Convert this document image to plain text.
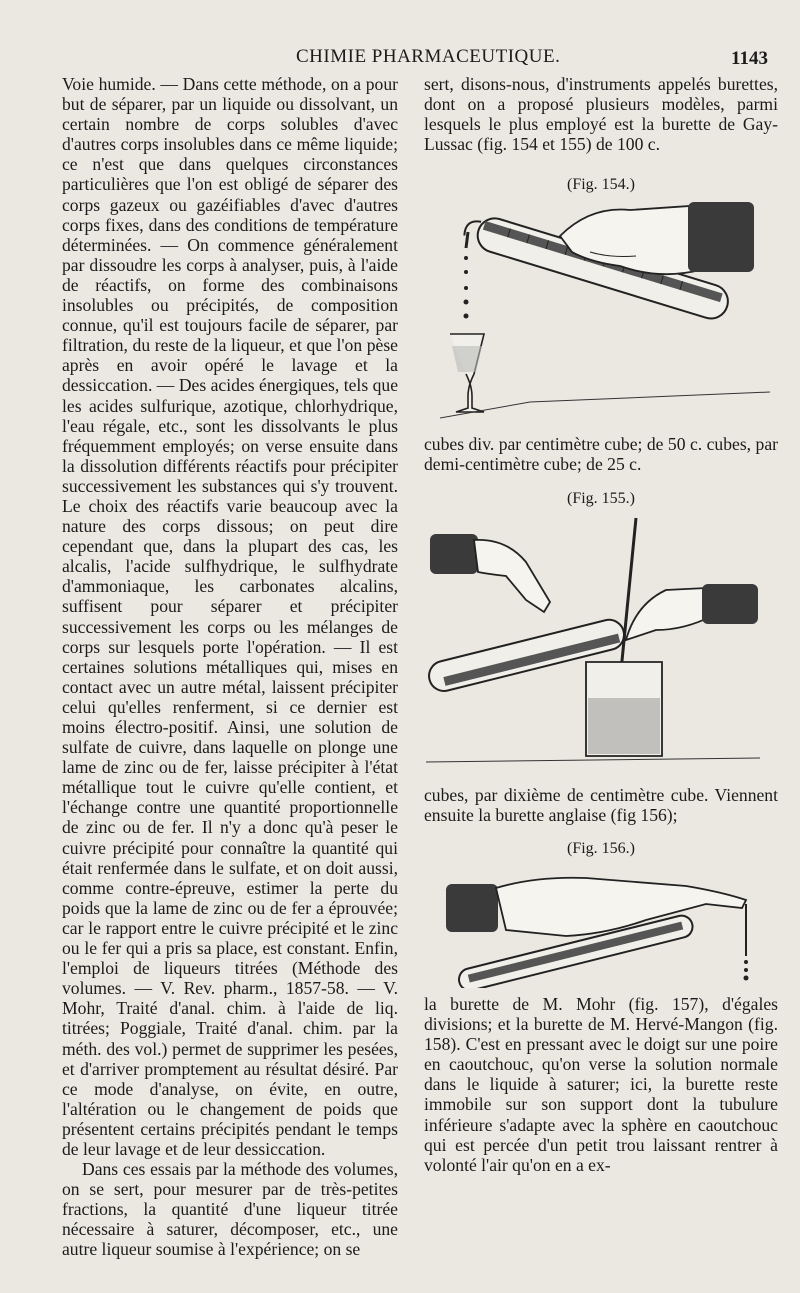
CHIMIE PHARMACEUTIQUE.	1143

Voie humide. — Dans cette méthode, on a pour but de séparer, par un liquide ou dissolvant, un certain nombre de corps solubles d'avec d'autres corps insolubles dans ce même liquide; ce n'est que dans quelques circonstances particulières que l'on est obligé de séparer des corps gazeux ou gazéifiables d'avec d'autres corps fixes, dans des conditions de température déterminées. — On commence généralement par dissoudre les corps à analyser, puis, à l'aide de réactifs, on forme des combinaisons insolubles ou précipités, de composition connue, qu'il est toujours facile de séparer, par filtration, du reste de la liqueur, et que l'on pèse après en avoir opéré le lavage et la dessiccation. — Des acides énergiques, tels que les acides sulfurique, azotique, chlorhydrique, l'eau régale, etc., sont les dissolvants le plus fréquemment employés; on verse ensuite dans la dissolution différents réactifs pour précipiter successivement les substances qui s'y trouvent. Le choix des réactifs varie beaucoup avec la nature des corps dissous; on peut dire cependant que, dans la plupart des cas, les alcalis, l'acide sulfhydrique, le sulfhydrate d'ammoniaque, les carbonates alcalins, suffisent pour séparer et précipiter successivement les corps ou les mélanges de corps sur lesquels porte l'opération. — Il est certaines solutions métalliques qui, mises en contact avec un autre métal, laissent précipiter celui qu'elles renferment, si ce dernier est moins électro-positif. Ainsi, une solution de sulfate de cuivre, dans laquelle on plonge une lame de zinc ou de fer, laisse précipiter à l'état métallique tout le cuivre qu'elle contient, et l'échange contre une quantité proportionnelle de zinc ou de fer. Il n'y a donc qu'à peser le cuivre précipité pour connaître la quantité qui était renfermée dans le sulfate, et on doit aussi, comme contre-épreuve, estimer la perte du poids que la lame de zinc ou de fer a éprouvée; car le rapport entre le cuivre précipité et le zinc ou le fer qui a pris sa place, est constant. Enfin, l'emploi de liqueurs titrées (Méthode des volumes. — V. Rev. pharm., 1857-58. — V. Mohr, Traité d'anal. chim. à l'aide de liq. titrées; Poggiale, Traité d'anal. chim. par la méth. des vol.) permet de supprimer les pesées, et d'arriver promptement au résultat désiré. Par ce mode d'analyse, on évite, en outre, l'altération ou le changement de poids que présentent certains précipités pendant le temps de leur lavage et de leur dessiccation.

Dans ces essais par la méthode des volumes, on se sert, pour mesurer par de très-petites fractions, la quantité d'une liqueur titrée nécessaire à saturer, décomposer, etc., une autre liqueur soumise à l'expérience; on se

sert, disons-nous, d'instruments appelés burettes, dont on a proposé plusieurs modèles, parmi lesquels le plus employé est la burette de Gay-Lussac (fig. 154 et 155) de 100 c.

(Fig. 154.)

cubes div. par centimètre cube; de 50 c. cubes, par demi-centimètre cube; de 25 c.

(Fig. 155.)

cubes, par dixième de centimètre cube. Viennent ensuite la burette anglaise (fig 156);

(Fig. 156.)

la burette de M. Mohr (fig. 157), d'égales divisions; et la burette de M. Hervé-Mangon (fig. 158). C'est en pressant avec le doigt sur une poire en caoutchouc, qu'on verse la solution normale dans le liquide à saturer; ici, la burette reste immobile sur son support dont la tubulure inférieure s'adapte avec la sphère en caoutchouc qui est percée d'un petit trou laissant rentrer à volonté l'air qu'on en a ex-
